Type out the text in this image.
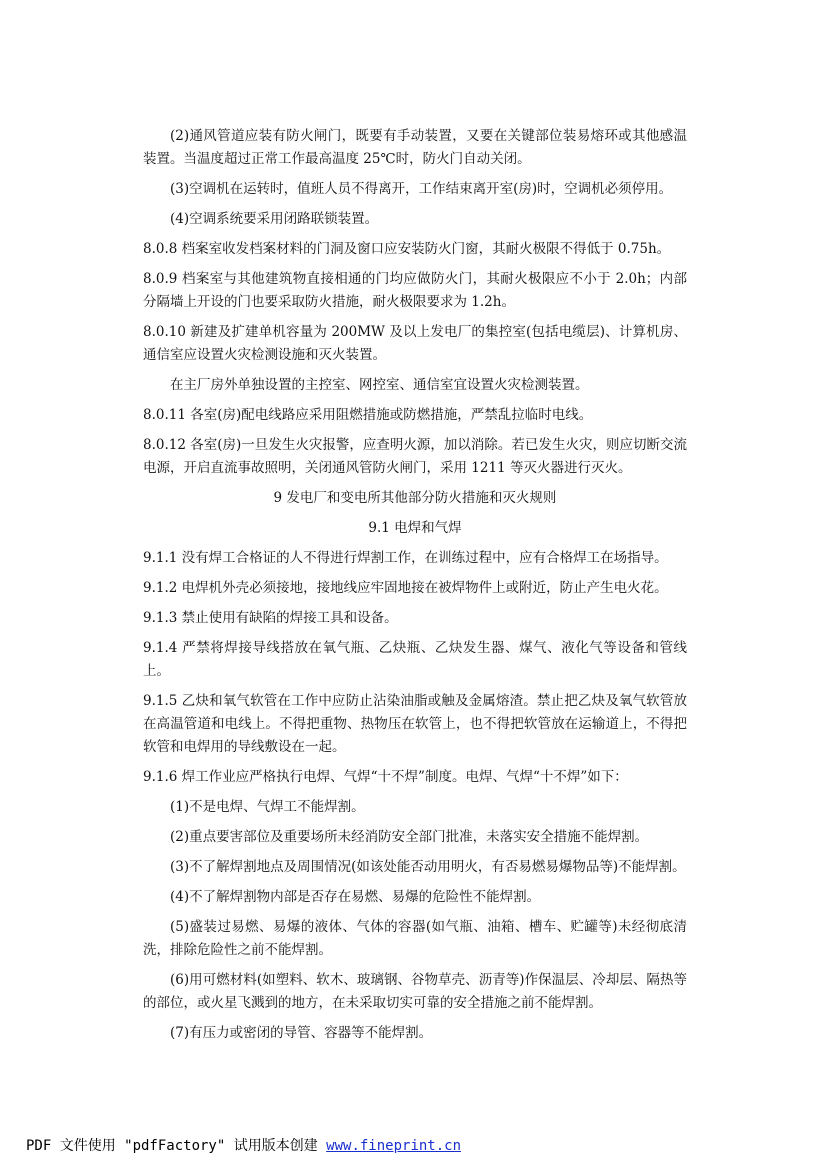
(2)通风管道应装有防火闸门，既要有手动装置，又要在关键部位装易熔环或其他感温装置。当温度超过正常工作最高温度 25℃时，防火门自动关闭。

(3)空调机在运转时，值班人员不得离开，工作结束离开室(房)时，空调机必须停用。

(4)空调系统要采用闭路联锁装置。

8.0.8 档案室收发档案材料的门洞及窗口应安装防火门窗，其耐火极限不得低于 0.75h。

8.0.9 档案室与其他建筑物直接相通的门均应做防火门，其耐火极限应不小于 2.0h；内部分隔墙上开设的门也要采取防火措施，耐火极限要求为 1.2h。

8.0.10 新建及扩建单机容量为 200MW 及以上发电厂的集控室(包括电缆层)、计算机房、通信室应设置火灾检测设施和灭火装置。

在主厂房外单独设置的主控室、网控室、通信室宜设置火灾检测装置。

8.0.11 各室(房)配电线路应采用阻燃措施或防燃措施，严禁乱拉临时电线。

8.0.12 各室(房)一旦发生火灾报警，应查明火源，加以消除。若已发生火灾，则应切断交流电源，开启直流事故照明，关闭通风管防火闸门，采用 1211 等灭火器进行灭火。

9 发电厂和变电所其他部分防火措施和灭火规则

9.1 电焊和气焊

9.1.1 没有焊工合格证的人不得进行焊割工作，在训练过程中，应有合格焊工在场指导。

9.1.2 电焊机外壳必须接地，接地线应牢固地接在被焊物件上或附近，防止产生电火花。

9.1.3 禁止使用有缺陷的焊接工具和设备。

9.1.4 严禁将焊接导线搭放在氧气瓶、乙炔瓶、乙炔发生器、煤气、液化气等设备和管线上。

9.1.5 乙炔和氧气软管在工作中应防止沾染油脂或触及金属熔渣。禁止把乙炔及氧气软管放在高温管道和电线上。不得把重物、热物压在软管上，也不得把软管放在运输道上，不得把软管和电焊用的导线敷设在一起。

9.1.6 焊工作业应严格执行电焊、气焊“十不焊”制度。电焊、气焊“十不焊”如下：

(1)不是电焊、气焊工不能焊割。

(2)重点要害部位及重要场所未经消防安全部门批准，未落实安全措施不能焊割。

(3)不了解焊割地点及周围情况(如该处能否动用明火，有否易燃易爆物品等)不能焊割。

(4)不了解焊割物内部是否存在易燃、易爆的危险性不能焊割。

(5)盛装过易燃、易爆的液体、气体的容器(如气瓶、油箱、槽车、贮罐等)未经彻底清洗，排除危险性之前不能焊割。

(6)用可燃材料(如塑料、软木、玻璃钢、谷物草壳、沥青等)作保温层、冷却层、隔热等的部位，或火星飞溅到的地方，在未采取切实可靠的安全措施之前不能焊割。

(7)有压力或密闭的导管、容器等不能焊割。

PDF 文件使用 "pdfFactory" 试用版本创建 www.fineprint.cn
